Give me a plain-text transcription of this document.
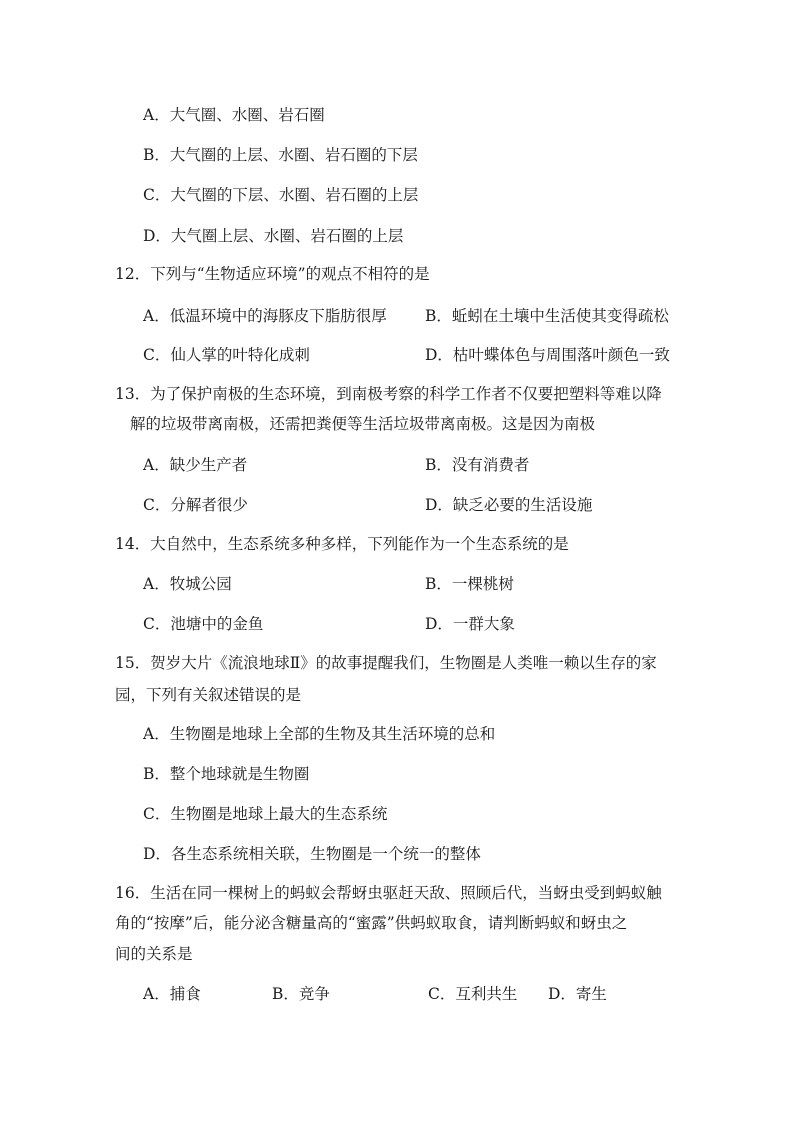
A．大气圈、水圈、岩石圈
B．大气圈的上层、水圈、岩石圈的下层
C．大气圈的下层、水圈、岩石圈的上层
D．大气圈上层、水圈、岩石圈的上层
12．下列与“生物适应环境”的观点不相符的是
A．低温环境中的海豚皮下脂肪很厚 B．蚯蚓在土壤中生活使其变得疏松
C．仙人掌的叶特化成刺	D．枯叶蝶体色与周围落叶颜色一致
13．为了保护南极的生态环境，到南极考察的科学工作者不仅要把塑料等难以降
解的垃圾带离南极，还需把粪便等生活垃圾带离南极。这是因为南极
A．缺少生产者	B．没有消费者
C．分解者很少	D．缺乏必要的生活设施
14．大自然中，生态系统多种多样，下列能作为一个生态系统的是
A．牧城公园	B．一棵桃树
C．池塘中的金鱼	D．一群大象
15．贺岁大片《流浪地球Ⅱ》的故事提醒我们，生物圈是人类唯一赖以生存的家
园，下列有关叙述错误的是
A．生物圈是地球上全部的生物及其生活环境的总和
B．整个地球就是生物圈
C．生物圈是地球上最大的生态系统
D．各生态系统相关联，生物圈是一个统一的整体
16．生活在同一棵树上的蚂蚁会帮蚜虫驱赶天敌、照顾后代，当蚜虫受到蚂蚁触
角的“按摩”后，能分泌含糖量高的“蜜露”供蚂蚁取食，请判断蚂蚁和蚜虫之
间的关系是
A．捕食	B．竞争	C．互利共生 D．寄生
